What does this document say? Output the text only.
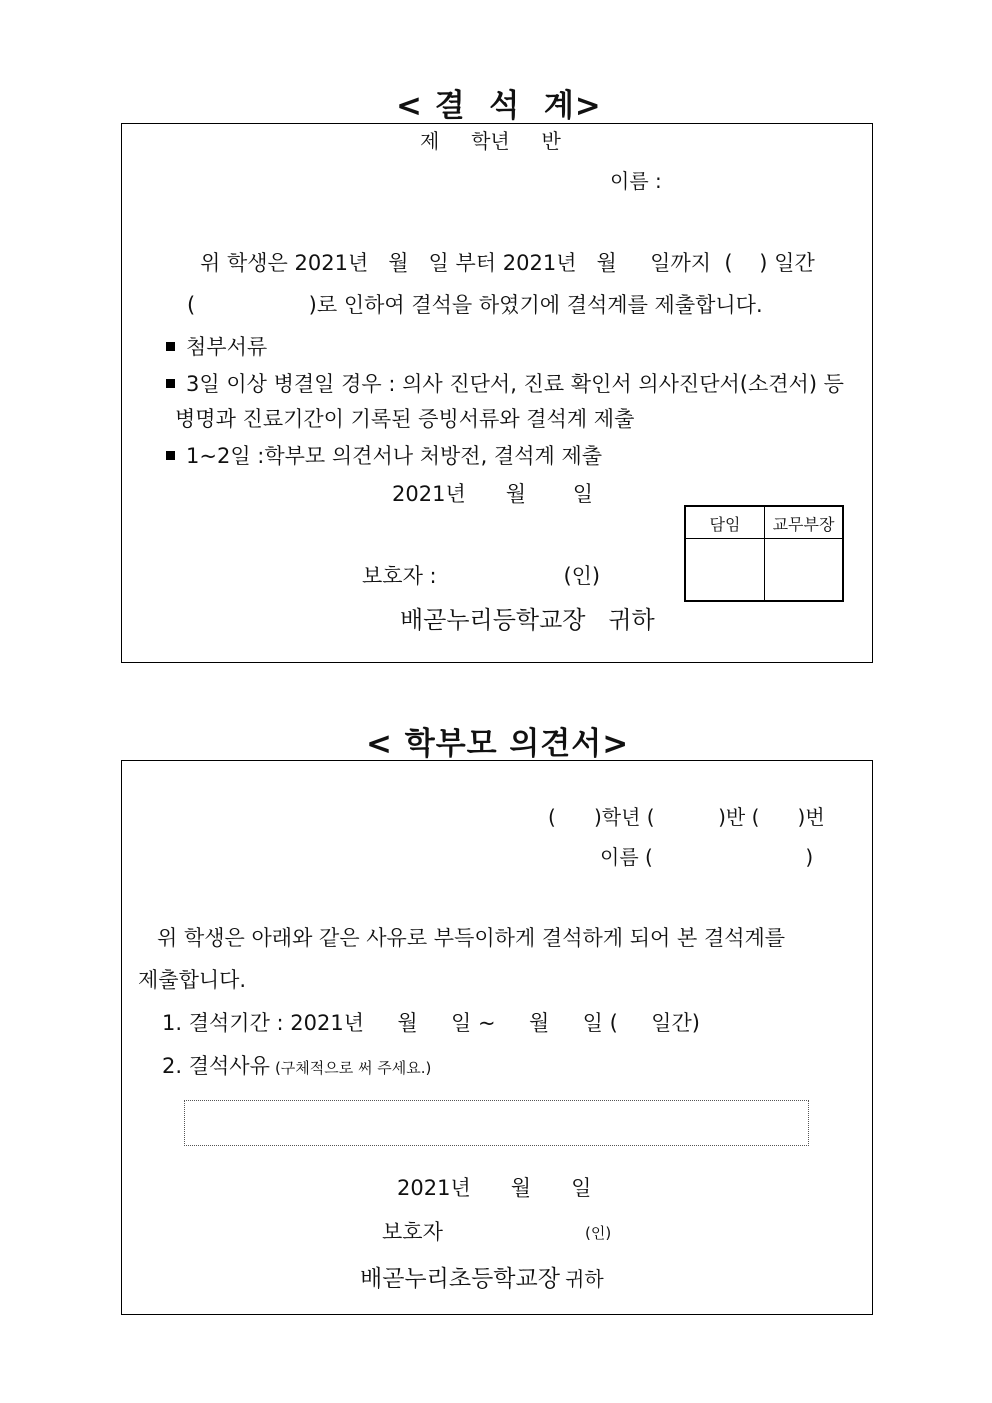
< 결  석  계>
제     학년     반
이름 :
위 학생은 2021년   월   일 부터 2021년   월     일까지  (    ) 일간
(                 )로 인하여 결석을 하였기에 결석계를 제출합니다.
첨부서류
3일 이상 병결일 경우 : 의사 진단서, 진료 확인서 의사진단서(소견서) 등
병명과 진료기간이 기록된 증빙서류와 결석계 제출
1~2일 :학부모 의견서나 처방전, 결석계 제출
2021년      월       일
담임	교무부장
보호자 :                   (인)
배곧누리등학교장   귀하
< 학부모 의견서>
(      )학년 (          )반 (      )번
이름 (                        )
위 학생은 아래와 같은 사유로 부득이하게 결석하게 되어 본 결석계를
제출합니다.
1. 결석기간 : 2021년     월     일 ~     월     일 (     일간)
2. 결석사유 (구체적으로 써 주세요.)
2021년      월      일
보호자	(인)
배곧누리초등학교장 귀하
